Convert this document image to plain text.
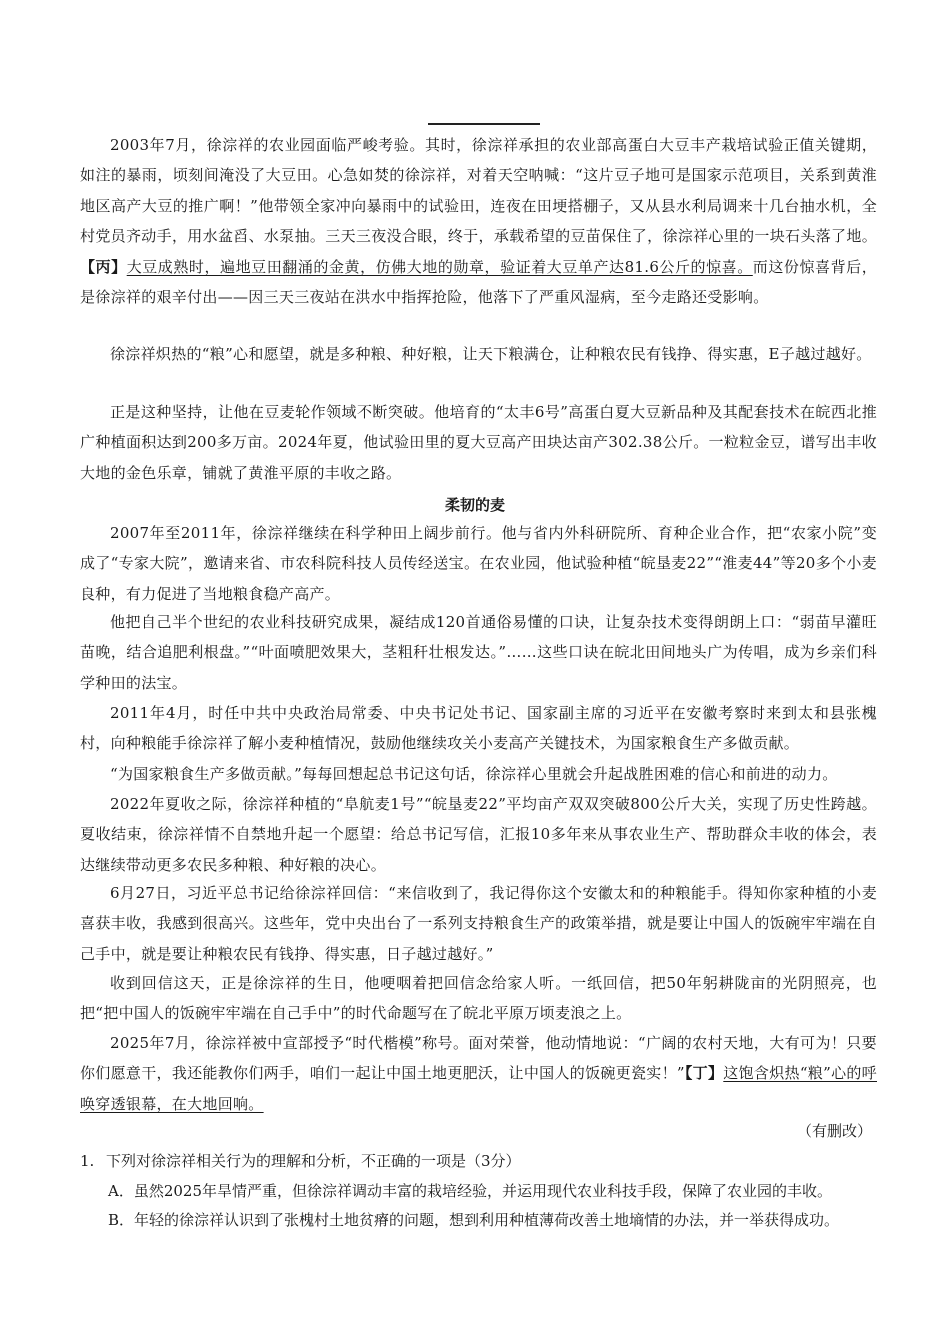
2003年7月，徐淙祥的农业园面临严峻考验。其时，徐淙祥承担的农业部高蛋白大豆丰产栽培试验正值关键期，如注的暴雨，顷刻间淹没了大豆田。心急如焚的徐淙祥，对着天空呐喊：“这片豆子地可是国家示范项目，关系到黄淮地区高产大豆的推广啊！”他带领全家冲向暴雨中的试验田，连夜在田埂搭棚子，又从县水利局调来十几台抽水机，全村党员齐动手，用水盆舀、水泵抽。三天三夜没合眼，终于，承载希望的豆苗保住了，徐淙祥心里的一块石头落了地。【丙】大豆成熟时，遍地豆田翻涌的金黄，仿佛大地的勋章，验证着大豆单产达81.6公斤的惊喜。而这份惊喜背后，是徐淙祥的艰辛付出——因三天三夜站在洪水中指挥抢险，他落下了严重风湿病，至今走路还受影响。

徐淙祥炽热的“粮”心和愿望，就是多种粮、种好粮，让天下粮满仓，让种粮农民有钱挣、得实惠，E子越过越好。

正是这种坚持，让他在豆麦轮作领域不断突破。他培育的“太丰6号”高蛋白夏大豆新品种及其配套技术在皖西北推广种植面积达到200多万亩。2024年夏，他试验田里的夏大豆高产田块达亩产302.38公斤。一粒粒金豆，谱写出丰收大地的金色乐章，铺就了黄淮平原的丰收之路。

柔韧的麦

2007年至2011年，徐淙祥继续在科学种田上阔步前行。他与省内外科研院所、育种企业合作，把“农家小院”变成了“专家大院”，邀请来省、市农科院科技人员传经送宝。在农业园，他试验种植“皖垦麦22”“淮麦44”等20多个小麦良种，有力促进了当地粮食稳产高产。

他把自己半个世纪的农业科技研究成果，凝结成120首通俗易懂的口诀，让复杂技术变得朗朗上口：“弱苗早灌旺苗晚，结合追肥利根盘。”“叶面喷肥效果大，茎粗秆壮根发达。”……这些口诀在皖北田间地头广为传唱，成为乡亲们科学种田的法宝。

2011年4月，时任中共中央政治局常委、中央书记处书记、国家副主席的习近平在安徽考察时来到太和县张槐村，向种粮能手徐淙祥了解小麦种植情况，鼓励他继续攻关小麦高产关键技术，为国家粮食生产多做贡献。

“为国家粮食生产多做贡献。”每每回想起总书记这句话，徐淙祥心里就会升起战胜困难的信心和前进的动力。

2022年夏收之际，徐淙祥种植的“阜航麦1号”“皖垦麦22”平均亩产双双突破800公斤大关，实现了历史性跨越。夏收结束，徐淙祥情不自禁地升起一个愿望：给总书记写信，汇报10多年来从事农业生产、帮助群众丰收的体会，表达继续带动更多农民多种粮、种好粮的决心。

6月27日，习近平总书记给徐淙祥回信：“来信收到了，我记得你这个安徽太和的种粮能手。得知你家种植的小麦喜获丰收，我感到很高兴。这些年，党中央出台了一系列支持粮食生产的政策举措，就是要让中国人的饭碗牢牢端在自己手中，就是要让种粮农民有钱挣、得实惠，日子越过越好。”

收到回信这天，正是徐淙祥的生日，他哽咽着把回信念给家人听。一纸回信，把50年躬耕陇亩的光阴照亮，也把“把中国人的饭碗牢牢端在自己手中”的时代命题写在了皖北平原万顷麦浪之上。

2025年7月，徐淙祥被中宣部授予“时代楷模”称号。面对荣誉，他动情地说：“广阔的农村天地，大有可为！只要你们愿意干，我还能教你们两手，咱们一起让中国土地更肥沃，让中国人的饭碗更瓷实！”【丁】这饱含炽热“粮”心的呼唤穿透银幕，在大地回响。

（有删改）
1. 下列对徐淙祥相关行为的理解和分析，不正确的一项是（3分）
A．虽然2025年旱情严重，但徐淙祥调动丰富的栽培经验，并运用现代农业科技手段，保障了农业园的丰收。
B．年轻的徐淙祥认识到了张槐村土地贫瘠的问题，想到利用种植薄荷改善土地墒情的办法，并一举获得成功。
